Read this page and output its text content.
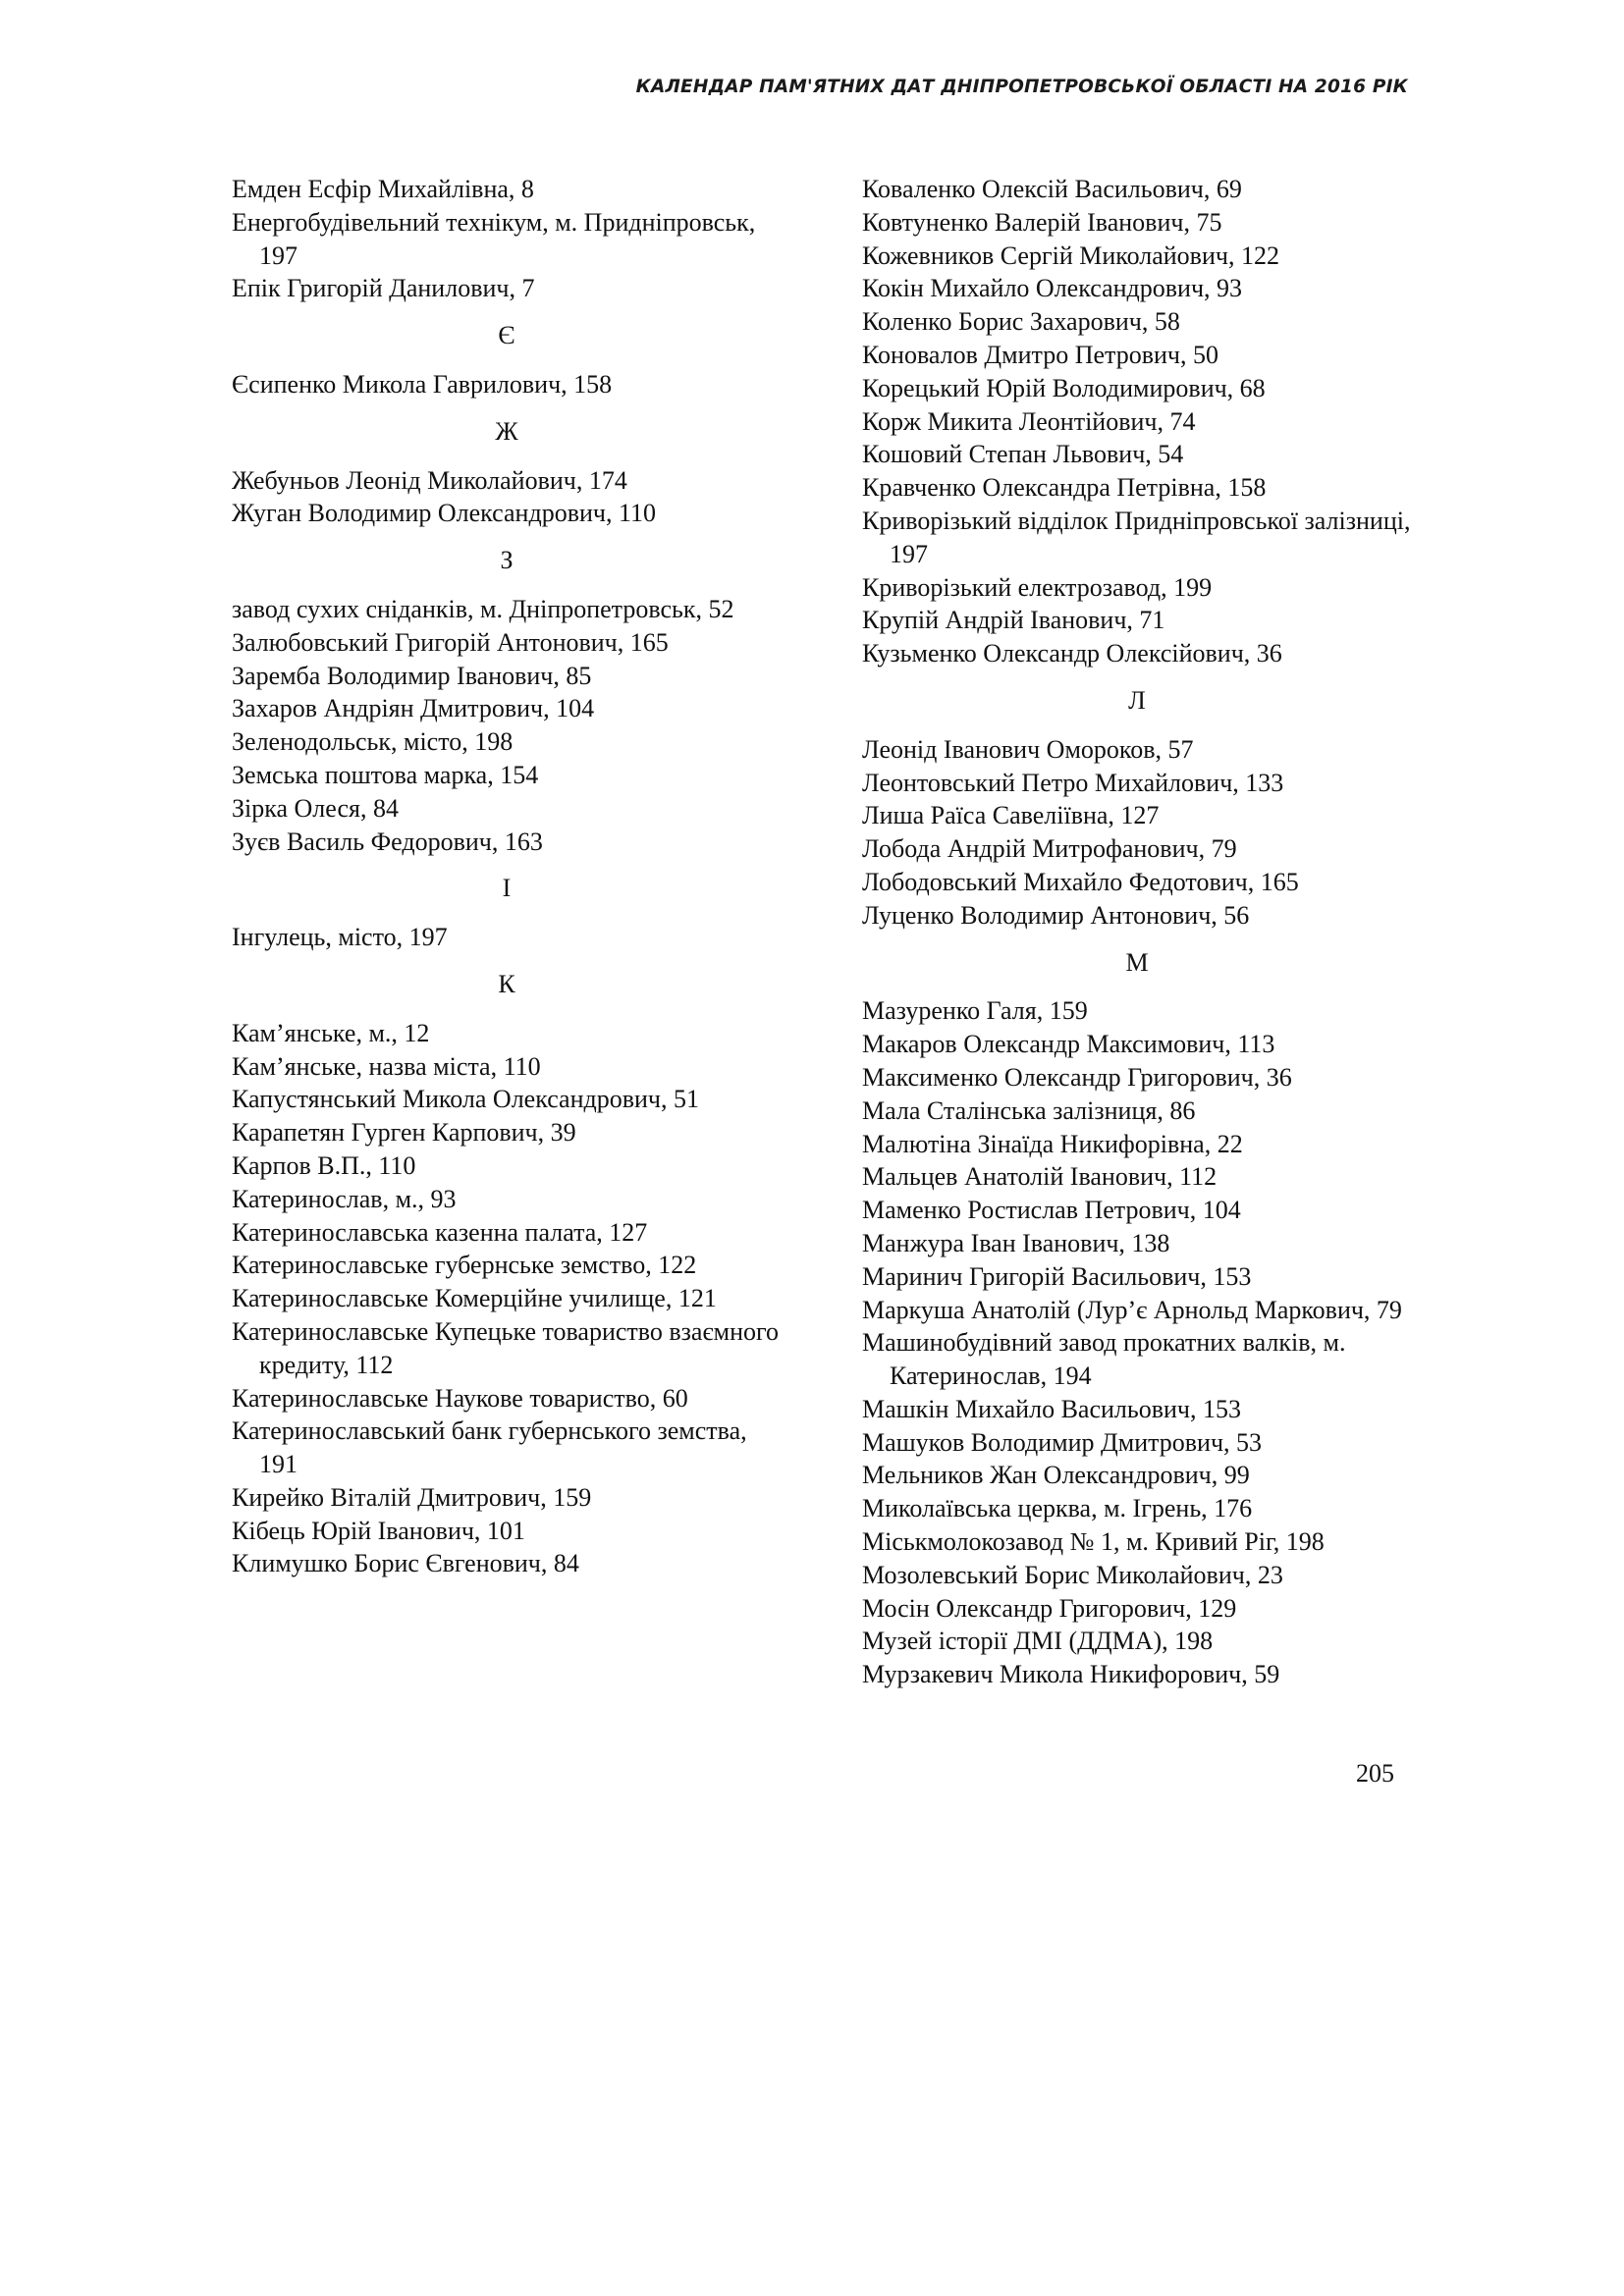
КАЛЕНДАР ПАМ'ЯТНИХ ДАТ ДНІПРОПЕТРОВСЬКОЇ ОБЛАСТІ НА 2016 РІК
Емден Есфір Михайлівна, 8
Енергобудівельний технікум, м. Придніпровськ, 197
Епік Григорій Данилович, 7
Є
Єсипенко Микола Гаврилович, 158
Ж
Жебуньов Леонід Миколайович, 174
Жуган Володимир Олександрович, 110
З
завод сухих сніданків, м. Дніпропетровськ, 52
Залюбовський Григорій Антонович, 165
Заремба Володимир Іванович, 85
Захаров Андріян Дмитрович, 104
Зеленодольськ, місто, 198
Земська поштова марка, 154
Зірка Олеся, 84
Зуєв Василь Федорович, 163
І
Інгулець, місто, 197
К
Кам’янське, м., 12
Кам’янське, назва міста, 110
Капустянський Микола Олександрович, 51
Карапетян Гурген Карпович, 39
Карпов В.П., 110
Катеринослав, м., 93
Катеринославська казенна палата, 127
Катеринославське губернське земство, 122
Катеринославське Комерційне училище, 121
Катеринославське Купецьке товариство взаємного кредиту, 112
Катеринославське Наукове товариство, 60
Катеринославський банк губернського земства, 191
Кирейко Віталій Дмитрович, 159
Кібець Юрій Іванович, 101
Климушко Борис Євгенович, 84
Коваленко Олексій Васильович, 69
Ковтуненко Валерій Іванович, 75
Кожевников Сергій Миколайович, 122
Кокін Михайло Олександрович, 93
Коленко Борис Захарович, 58
Коновалов Дмитро Петрович, 50
Корецький Юрій Володимирович, 68
Корж Микита Леонтійович, 74
Кошовий Степан Львович, 54
Кравченко Олександра Петрівна, 158
Криворізький відділок Придніпровської залізниці, 197
Криворізький електрозавод, 199
Крупій Андрій Іванович, 71
Кузьменко Олександр Олексійович, 36
Л
Леонід Іванович Омороков, 57
Леонтовський Петро Михайлович, 133
Лиша Раїса Савеліївна, 127
Лобода Андрій Митрофанович, 79
Лободовський Михайло Федотович, 165
Луценко Володимир Антонович, 56
М
Мазуренко Галя, 159
Макаров Олександр Максимович, 113
Максименко Олександр Григорович, 36
Мала Сталінська залізниця, 86
Малютіна Зінаїда Никифорівна, 22
Мальцев Анатолій Іванович, 112
Маменко Ростислав Петрович, 104
Манжура Іван Іванович, 138
Маринич Григорій Васильович, 153
Маркуша Анатолій (Лур’є Арнольд Маркович, 79
Машинобудівний завод прокатних валків, м. Катеринослав, 194
Машкін Михайло Васильович, 153
Машуков Володимир Дмитрович, 53
Мельников Жан Олександрович, 99
Миколаївська церква, м. Ігрень, 176
Міськмолокозавод № 1, м. Кривий Ріг, 198
Мозолевський Борис Миколайович, 23
Мосін Олександр Григорович, 129
Музей історії ДМІ (ДДМА), 198
Мурзакевич Микола Никифорович, 59
205
